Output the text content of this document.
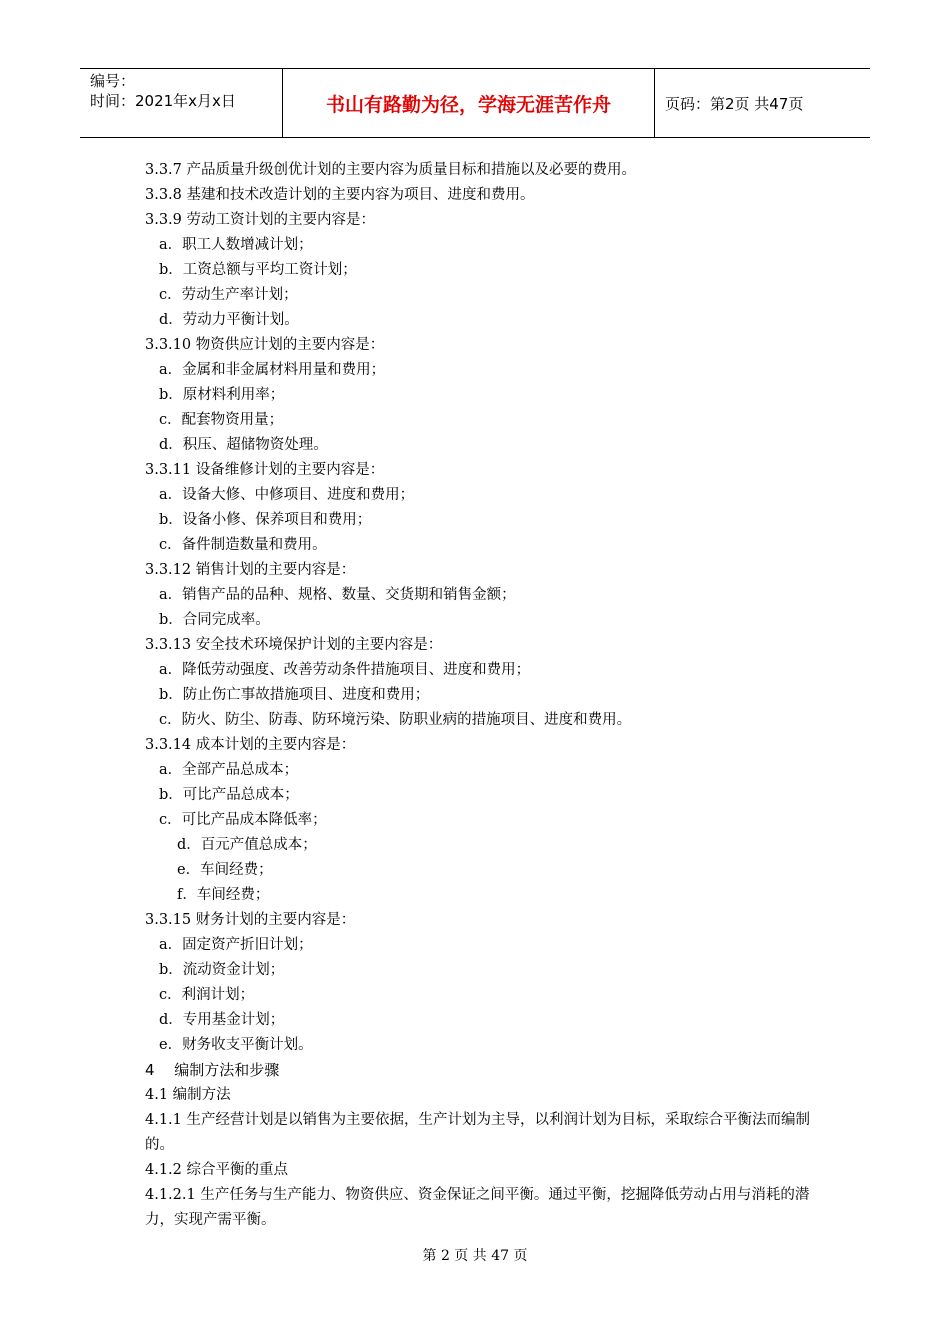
编号：
时间：2021年x月x日	书山有路勤为径，学海无涯苦作舟	页码：第2页 共47页
3.3.7 产品质量升级创优计划的主要内容为质量目标和措施以及必要的费用。
3.3.8 基建和技术改造计划的主要内容为项目、进度和费用。
3.3.9 劳动工资计划的主要内容是：
a．职工人数增减计划；
b．工资总额与平均工资计划；
c．劳动生产率计划；
d．劳动力平衡计划。
3.3.10 物资供应计划的主要内容是：
a．金属和非金属材料用量和费用；
b．原材料利用率；
c．配套物资用量；
d．积压、超储物资处理。
3.3.11 设备维修计划的主要内容是：
a．设备大修、中修项目、进度和费用；
b．设备小修、保养项目和费用；
c．备件制造数量和费用。
3.3.12 销售计划的主要内容是：
a．销售产品的品种、规格、数量、交货期和销售金额；
b．合同完成率。
3.3.13 安全技术环境保护计划的主要内容是：
a．降低劳动强度、改善劳动条件措施项目、进度和费用；
b．防止伤亡事故措施项目、进度和费用；
c．防火、防尘、防毒、防环境污染、防职业病的措施项目、进度和费用。
3.3.14 成本计划的主要内容是：
a．全部产品总成本；
b．可比产品总成本；
c．可比产品成本降低率；
d．百元产值总成本；
e．车间经费；
f．车间经费；
3.3.15 财务计划的主要内容是：
a．固定资产折旧计划；
b．流动资金计划；
c．利润计划；
d．专用基金计划；
e．财务收支平衡计划。
4　 编制方法和步骤
4.1 编制方法
4.1.1 生产经营计划是以销售为主要依据，生产计划为主导，以利润计划为目标，采取综合平衡法而编制的。
4.1.2 综合平衡的重点
4.1.2.1 生产任务与生产能力、物资供应、资金保证之间平衡。通过平衡，挖掘降低劳动占用与消耗的潜力，实现产需平衡。
第 2 页 共 47 页
